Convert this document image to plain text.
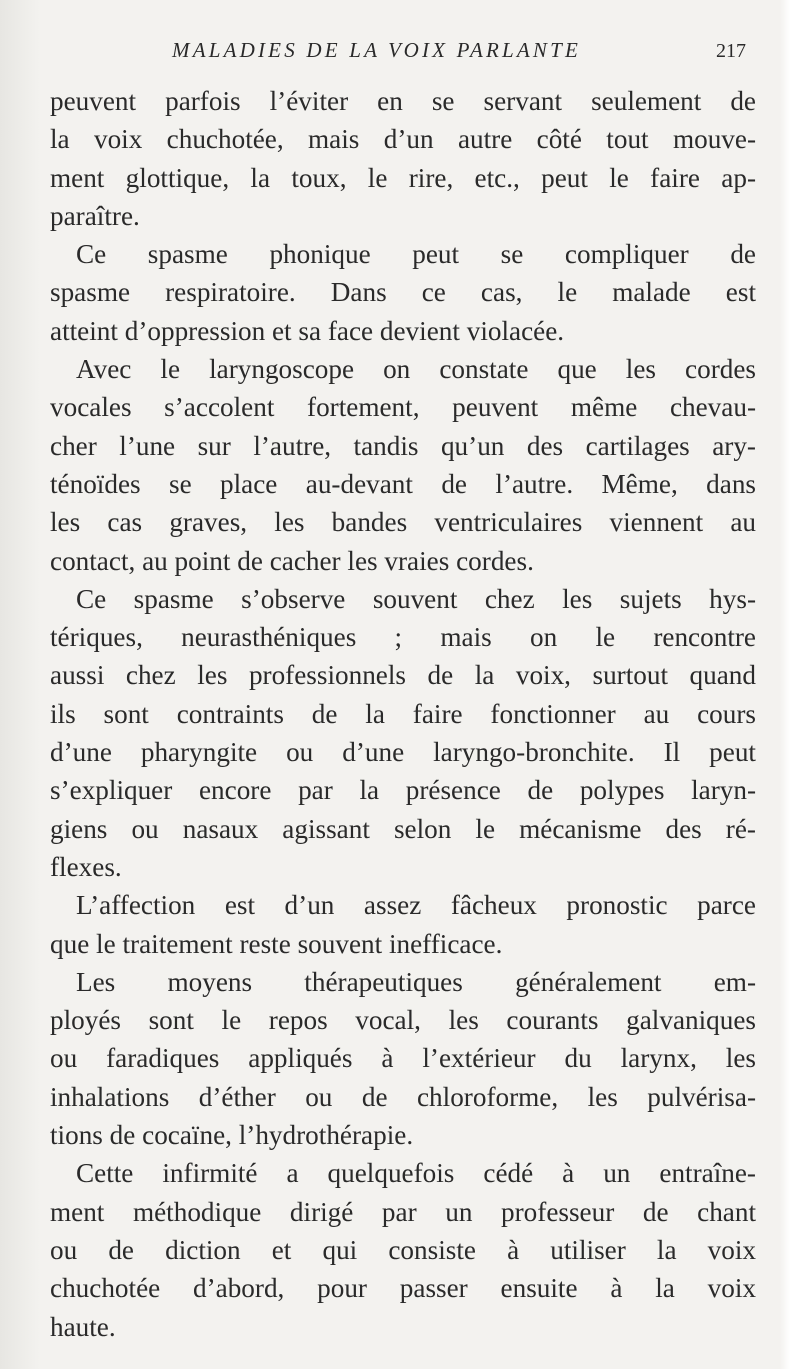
MALADIES DE LA VOIX PARLANTE	217
peuvent parfois l’éviter en se servant seulement de
la voix chuchotée, mais d’un autre côté tout mouve-
ment glottique, la toux, le rire, etc., peut le faire ap-
paraître.
Ce spasme phonique peut se compliquer de
spasme respiratoire. Dans ce cas, le malade est
atteint d’oppression et sa face devient violacée.
Avec le laryngoscope on constate que les cordes
vocales s’accolent fortement, peuvent même chevau-
cher l’une sur l’autre, tandis qu’un des cartilages ary-
ténoïdes se place au-devant de l’autre. Même, dans
les cas graves, les bandes ventriculaires viennent au
contact, au point de cacher les vraies cordes.
Ce spasme s’observe souvent chez les sujets hys-
tériques, neurasthéniques ; mais on le rencontre
aussi chez les professionnels de la voix, surtout quand
ils sont contraints de la faire fonctionner au cours
d’une pharyngite ou d’une laryngo-bronchite. Il peut
s’expliquer encore par la présence de polypes laryn-
giens ou nasaux agissant selon le mécanisme des ré-
flexes.
L’affection est d’un assez fâcheux pronostic parce
que le traitement reste souvent inefficace.
Les moyens thérapeutiques généralement em-
ployés sont le repos vocal, les courants galvaniques
ou faradiques appliqués à l’extérieur du larynx, les
inhalations d’éther ou de chloroforme, les pulvérisa-
tions de cocaïne, l’hydrothérapie.
Cette infirmité a quelquefois cédé à un entraîne-
ment méthodique dirigé par un professeur de chant
ou de diction et qui consiste à utiliser la voix
chuchotée d’abord, pour passer ensuite à la voix
haute.
